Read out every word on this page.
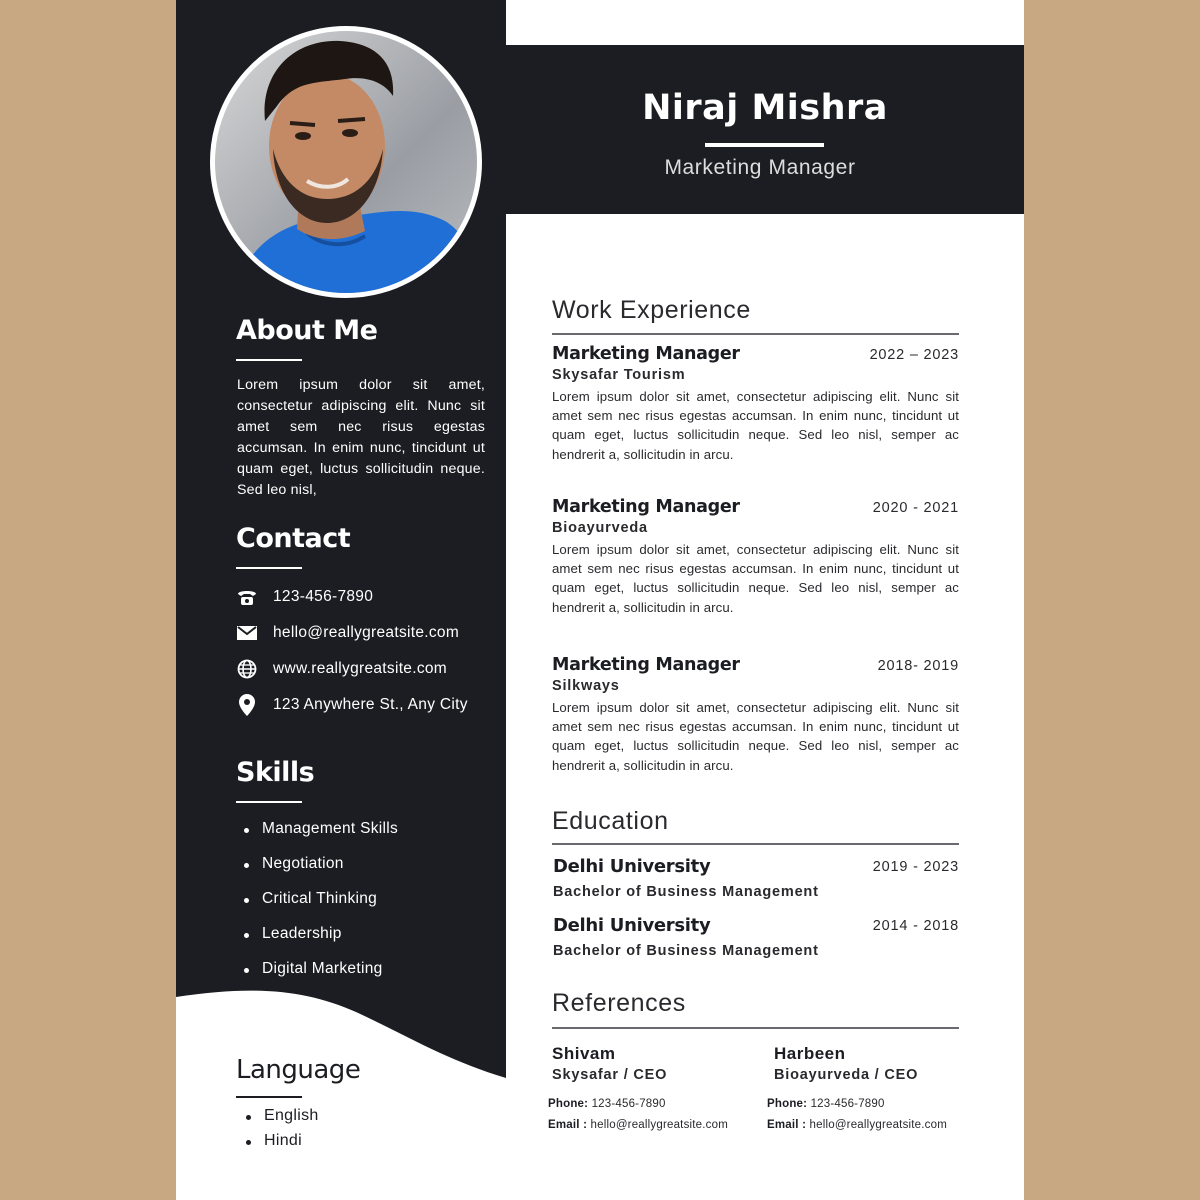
About Me
Lorem ipsum dolor sit amet, consectetur adipiscing elit. Nunc sit amet sem nec risus egestas accumsan. In enim nunc, tincidunt ut quam eget, luctus sollicitudin neque. Sed leo nisl,
Contact
123-456-7890
hello@reallygreatsite.com
www.reallygreatsite.com
123 Anywhere St., Any City
Skills
Management Skills
Negotiation
Critical Thinking
Leadership
Digital Marketing
Language
English
Hindi
Niraj Mishra
Marketing Manager
Work Experience
Marketing Manager	2022 – 2023
Skysafar Tourism
Lorem ipsum dolor sit amet, consectetur adipiscing elit. Nunc sit amet sem nec risus egestas accumsan. In enim nunc, tincidunt ut quam eget, luctus sollicitudin neque. Sed leo nisl, semper ac hendrerit a, sollicitudin in arcu.
Marketing Manager	2020 - 2021
Bioayurveda
Lorem ipsum dolor sit amet, consectetur adipiscing elit. Nunc sit amet sem nec risus egestas accumsan. In enim nunc, tincidunt ut quam eget, luctus sollicitudin neque. Sed leo nisl, semper ac hendrerit a, sollicitudin in arcu.
Marketing Manager	2018- 2019
Silkways
Lorem ipsum dolor sit amet, consectetur adipiscing elit. Nunc sit amet sem nec risus egestas accumsan. In enim nunc, tincidunt ut quam eget, luctus sollicitudin neque. Sed leo nisl, semper ac hendrerit a, sollicitudin in arcu.
Education
Delhi University	2019 - 2023
Bachelor of Business Management
Delhi University	2014 - 2018
Bachelor of Business Management
References
Shivam
Skysafar / CEO
Phone: 123-456-7890
Email : hello@reallygreatsite.com
Harbeen
Bioayurveda / CEO
Phone: 123-456-7890
Email : hello@reallygreatsite.com
